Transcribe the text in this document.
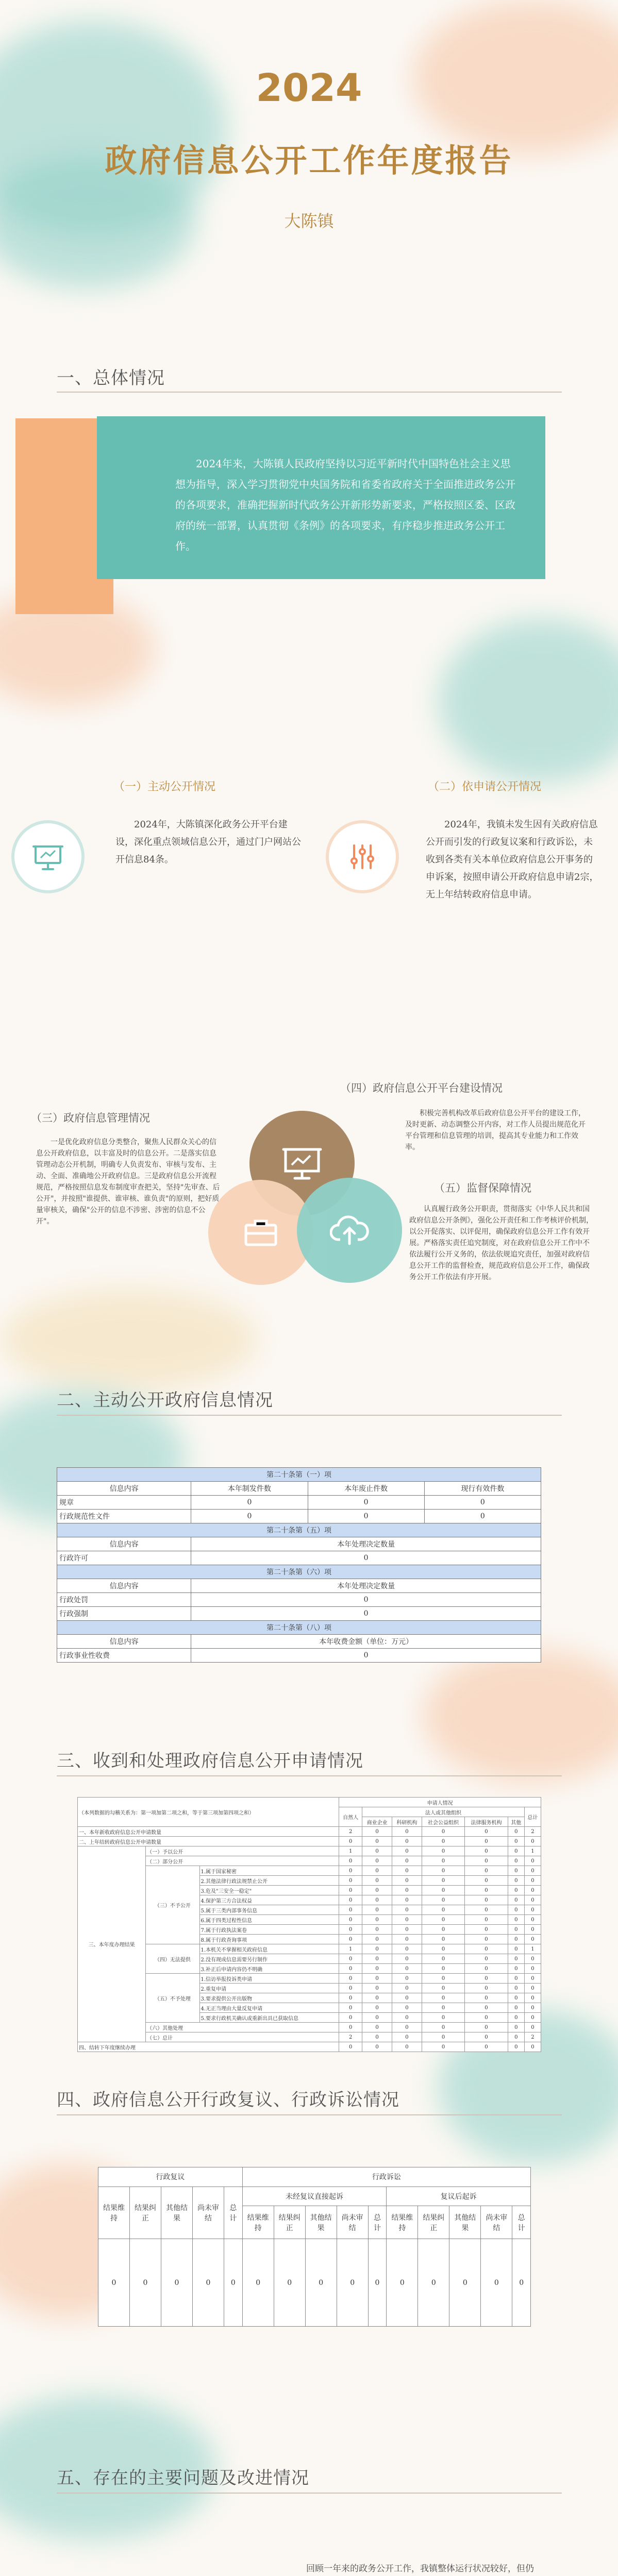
2024
政府信息公开工作年度报告
大陈镇
一、总体情况
2024年来，大陈镇人民政府坚持以习近平新时代中国特色社会主义思想为指导，深入学习贯彻党中央国务院和省委省政府关于全面推进政务公开的各项要求，准确把握新时代政务公开新形势新要求，严格按照区委、区政府的统一部署，认真贯彻《条例》的各项要求，有序稳步推进政务公开工作。
（一）主动公开情况	（二）依申请公开情况
2024年，大陈镇深化政务公开平台建设，深化重点领域信息公开，通过门户网站公开信息84条。
2024年，我镇未发生因有关政府信息公开而引发的行政复议案和行政诉讼，未收到各类有关本单位政府信息公开事务的申诉案，按照申请公开政府信息申请2宗，无上年结转政府信息申请。
（四）政府信息公开平台建设情况
积极完善机构改革后政府信息公开平台的建设工作，及时更新、动态调整公开内容，对工作人员提出规范化开平台管理和信息管理的培训，提高其专业能力和工作效率。
（三）政府信息管理情况
一是优化政府信息分类整合，聚焦人民群众关心的信息公开政府信息，以丰富及时的信息公开。二是落实信息管理动态公开机制，明确专人负责发布、审核与发布、主动、全面、准确地公开政府信息。三是政府信息公开流程规范，严格按照信息发布制度审查把关，坚持"先审查、后公开"，并按照"谁提供、谁审核、谁负责"的原则，把好质量审核关，确保"公开的信息不涉密、涉密的信息不公开"。
（五）监督保障情况
认真履行政务公开职责，贯彻落实《中华人民共和国政府信息公开条例》，强化公开责任和工作考核评价机制，以公开促落实、以评促用，确保政府信息公开工作有效开展。严格落实责任追究制度，对在政府信息公开工作中不依法履行公开义务的，依法依规追究责任，加强对政府信息公开工作的监督检查，规范政府信息公开工作，确保政务公开工作依法有序开展。
二、主动公开政府信息情况
第二十条第（一）项			
信息内容	本年制发件数	本年废止件数	现行有效件数
规章	0	0	0
行政规范性文件	0	0	0
第二十条第（五）项			
信息内容	本年处理决定数量		
行政许可	0		
第二十条第（六）项			
信息内容	本年处理决定数量		
行政处罚	0		
行政强制	0		
第二十条第（八）项			
信息内容	本年收费金额（单位：万元）		
行政事业性收费	0		
三、收到和处理政府信息公开申请情况
（本列数据的勾稽关系为：第一项加第二项之和，等于第三项加第四项之和）			申请人情况						
			自然人	法人或其他组织					总计
				商业企业	科研机构	社会公益组织	法律服务机构	其他	
一、本年新收政府信息公开申请数量			2	0	0	0	0	0	2
二、上年结转政府信息公开申请数量			0	0	0	0	0	0	0
三、本年度办理结果	（一）予以公开		1	0	0	0	0	0	1
	（二）部分公开		0	0	0	0	0	0	0
	（三）不予公开	1.属于国家秘密	0	0	0	0	0	0	0
		2.其他法律行政法规禁止公开	0	0	0	0	0	0	0
		3.危及"三安全一稳定"	0	0	0	0	0	0	0
		4.保护第三方合法权益	0	0	0	0	0	0	0
		5.属于三类内部事务信息	0	0	0	0	0	0	0
		6.属于四类过程性信息	0	0	0	0	0	0	0
		7.属于行政执法案卷	0	0	0	0	0	0	0
		8.属于行政查询事项	0	0	0	0	0	0	0
	（四）无法提供	1.本机关不掌握相关政府信息	1	0	0	0	0	0	1
		2.没有现成信息需要另行制作	0	0	0	0	0	0	0
		3.补正后申请内容仍不明确	0	0	0	0	0	0	0
	（五）不予处理	1.信访举报投诉类申请	0	0	0	0	0	0	0
		2.重复申请	0	0	0	0	0	0	0
		3.要求提供公开出版物	0	0	0	0	0	0	0
		4.无正当理由大量反复申请	0	0	0	0	0	0	0
		5.要求行政机关确认或重新出具已获取信息	0	0	0	0	0	0	0
	（六）其他处理		0	0	0	0	0	0	0
	（七）总计		2	0	0	0	0	0	2
四、结转下年度继续办理			0	0	0	0	0	0	0
四、政府信息公开行政复议、行政诉讼情况
行政复议					行政诉讼									
结果维持	结果纠正	其他结果	尚未审结	总计	未经复议直接起诉					复议后起诉				
					结果维持	结果纠正	其他结果	尚未审结	总计	结果维持	结果纠正	其他结果	尚未审结	总计
0	0	0	0	0	0	0	0	0	0	0	0	0	0	0
五、存在的主要问题及改进情况
回顾一年来的政务公开工作，我镇整体运行状况较好，但仍
